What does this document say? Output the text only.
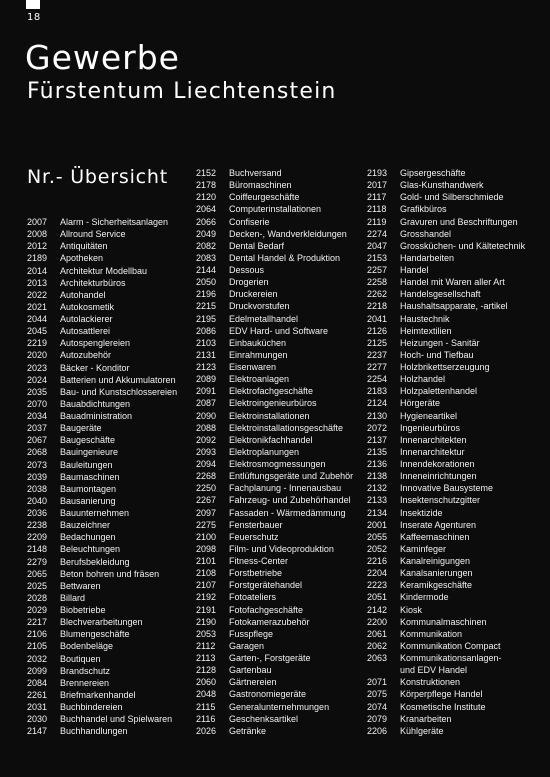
18
Gewerbe
Fürstentum Liechtenstein
Nr.- Übersicht
2007	Alarm - Sicherheitsanlagen
2008	Allround Service
2012	Antiquitäten
2189	Apotheken
2014	Architektur Modellbau
2013	Architekturbüros
2022	Autohandel
2021	Autokosmetik
2044	Autolackierer
2045	Autosattlerei
2219	Autospenglereien
2020	Autozubehör
2023	Bäcker - Konditor
2024	Batterien und Akkumulatoren
2035	Bau- und Kunstschlossereien
2070	Bauabdichtungen
2034	Bauadministration
2037	Baugeräte
2067	Baugeschäfte
2068	Bauingenieure
2073	Bauleitungen
2039	Baumaschinen
2038	Baumontagen
2040	Bausanierung
2036	Bauunternehmen
2238	Bauzeichner
2209	Bedachungen
2148	Beleuchtungen
2279	Berufsbekleidung
2065	Beton bohren und fräsen
2025	Bettwaren
2028	Billard
2029	Biobetriebe
2217	Blechverarbeitungen
2106	Blumengeschäfte
2105	Bodenbeläge
2032	Boutiquen
2099	Brandschutz
2084	Brennereien
2261	Briefmarkenhandel
2031	Buchbindereien
2030	Buchhandel und Spielwaren
2147	Buchhandlungen
2152	Buchversand
2178	Büromaschinen
2120	Coiffeurgeschäfte
2064	Computerinstallationen
2066	Confiserie
2049	Decken-, Wandverkleidungen
2082	Dental Bedarf
2083	Dental Handel & Produktion
2144	Dessous
2050	Drogerien
2196	Druckereien
2215	Druckvorstufen
2195	Edelmetallhandel
2086	EDV Hard- und Software
2103	Einbauküchen
2131	Einrahmungen
2123	Eisenwaren
2089	Elektroanlagen
2091	Elektrofachgeschäfte
2087	Elektroingenieurbüros
2090	Elektroinstallationen
2088	Elektroinstallationsgeschäfte
2092	Elektronikfachhandel
2093	Elektroplanungen
2094	Elektrosmogmessungen
2268	Entlüftungsgeräte und Zubehör
2250	Fachplanung - Innenausbau
2267	Fahrzeug- und Zubehörhandel
2097	Fassaden - Wärmedämmung
2275	Fensterbauer
2100	Feuerschutz
2098	Film- und Videoproduktion
2101	Fitness-Center
2108	Forstbetriebe
2107	Forstgerätehandel
2192	Fotoateliers
2191	Fotofachgeschäfte
2190	Fotokamerazubehör
2053	Fusspflege
2112	Garagen
2113	Garten-, Forstgeräte
2128	Gartenbau
2060	Gärtnereien
2048	Gastronomiegeräte
2115	Generalunternehmungen
2116	Geschenksartikel
2026	Getränke
2193	Gipsergeschäfte
2017	Glas-Kunsthandwerk
2117	Gold- und Silberschmiede
2118	Grafikbüros
2119	Gravuren und Beschriftungen
2274	Grosshandel
2047	Grossküchen- und Kältetechnik
2153	Handarbeiten
2257	Handel
2258	Handel mit Waren aller Art
2262	Handelsgesellschaft
2218	Haushaltsapparate, -artikel
2041	Haustechnik
2126	Heimtextilien
2125	Heizungen - Sanitär
2237	Hoch- und Tiefbau
2277	Holzbrikettserzeugung
2254	Holzhandel
2183	Holzpalettenhandel
2124	Hörgeräte
2130	Hygieneartikel
2072	Ingenieurbüros
2137	Innenarchitekten
2135	Innenarchitektur
2136	Innendekorationen
2138	Inneneinrichtungen
2132	Innovative Bausysteme
2133	Insektenschutzgitter
2134	Insektizide
2001	Inserate Agenturen
2055	Kaffeemaschinen
2052	Kaminfeger
2216	Kanalreinigungen
2204	Kanalsanierungen
2223	Keramikgeschäfte
2051	Kindermode
2142	Kiosk
2200	Kommunalmaschinen
2061	Kommunikation
2062	Kommunikation Compact
2063	Kommunikationsanlagen-
und EDV Handel
2071	Konstruktionen
2075	Körperpflege Handel
2074	Kosmetische Institute
2079	Kranarbeiten
2206	Kühlgeräte
